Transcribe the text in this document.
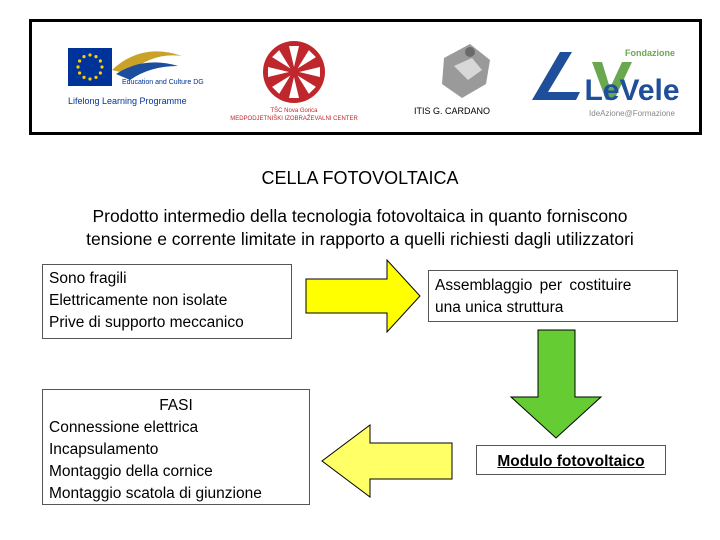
Education and Culture DG
Lifelong Learning Programme
TŠC Nova Gorica
MEDPODJETNIŠKI IZOBRAŽEVALNI CENTER
ITIS G. CARDANO
Fondazione
LeVele
IdeAzione@Formazione
CELLA FOTOVOLTAICA
Prodotto intermedio della tecnologia fotovoltaica in quanto forniscono
tensione e corrente limitate in rapporto a quelli richiesti dagli utilizzatori
Sono fragili
Elettricamente non isolate
Prive di supporto meccanico
Assemblaggio per costituire
una unica struttura
Modulo fotovoltaico
FASI
Connessione elettrica
Incapsulamento
Montaggio della cornice
Montaggio scatola di giunzione
